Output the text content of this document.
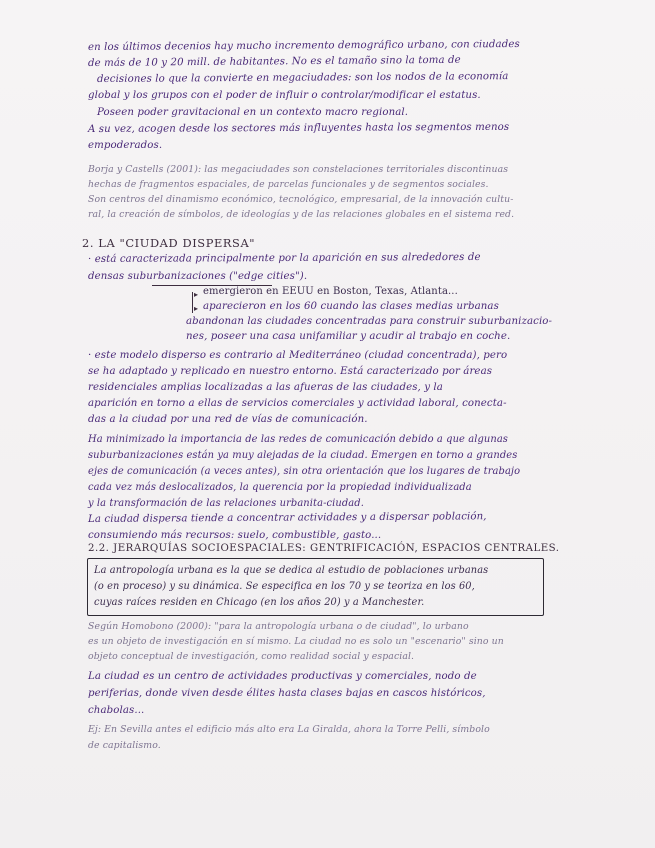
en los últimos decenios hay mucho incremento demográfico urbano, con ciudades
de más de 10 y 20 mill. de habitantes. No es el tamaño sino la toma de
decisiones lo que la convierte en megaciudades: son los nodos de la economía
global y los grupos con el poder de influir o controlar/modificar el estatus.
Poseen poder gravitacional en un contexto macro regional.
A su vez, acogen desde los sectores más influyentes hasta los segmentos menos
empoderados.
Borja y Castells (2001): las megaciudades son constelaciones territoriales discontinuas
hechas de fragmentos espaciales, de parcelas funcionales y de segmentos sociales.
Son centros del dinamismo económico, tecnológico, empresarial, de la innovación cultu-
ral, la creación de símbolos, de ideologías y de las relaciones globales en el sistema red.
2. LA "CIUDAD DISPERSA"
· está caracterizada principalmente por la aparición en sus alrededores de
densas suburbanizaciones ("edge cities").
▸
▸
emergieron en EEUU en Boston, Texas, Atlanta...
aparecieron en los 60 cuando las clases medias urbanas
abandonan las ciudades concentradas para construir suburbanizacio-
nes, poseer una casa unifamiliar y acudir al trabajo en coche.
· este modelo disperso es contrario al Mediterráneo (ciudad concentrada), pero
se ha adaptado y replicado en nuestro entorno. Está caracterizado por áreas
residenciales amplias localizadas a las afueras de las ciudades, y la
aparición en torno a ellas de servicios comerciales y actividad laboral, conecta-
das a la ciudad por una red de vías de comunicación.
Ha minimizado la importancia de las redes de comunicación debido a que algunas
suburbanizaciones están ya muy alejadas de la ciudad. Emergen en torno a grandes
ejes de comunicación (a veces antes), sin otra orientación que los lugares de trabajo
cada vez más deslocalizados, la querencia por la propiedad individualizada
y la transformación de las relaciones urbanita-ciudad.
La ciudad dispersa tiende a concentrar actividades y a dispersar población,
consumiendo más recursos: suelo, combustible, gasto...
2.2. JERARQUÍAS SOCIOESPACIALES: GENTRIFICACIÓN, ESPACIOS CENTRALES.
La antropología urbana es la que se dedica al estudio de poblaciones urbanas
(o en proceso) y su dinámica. Se especifica en los 70 y se teoriza en los 60,
cuyas raíces residen en Chicago (en los años 20) y a Manchester.
Según Homobono (2000): "para la antropología urbana o de ciudad", lo urbano
es un objeto de investigación en sí mismo. La ciudad no es solo un "escenario" sino un
objeto conceptual de investigación, como realidad social y espacial.
La ciudad es un centro de actividades productivas y comerciales, nodo de
periferias, donde viven desde élites hasta clases bajas en cascos históricos,
chabolas...
Ej: En Sevilla antes el edificio más alto era La Giralda, ahora la Torre Pelli, símbolo
de capitalismo.
